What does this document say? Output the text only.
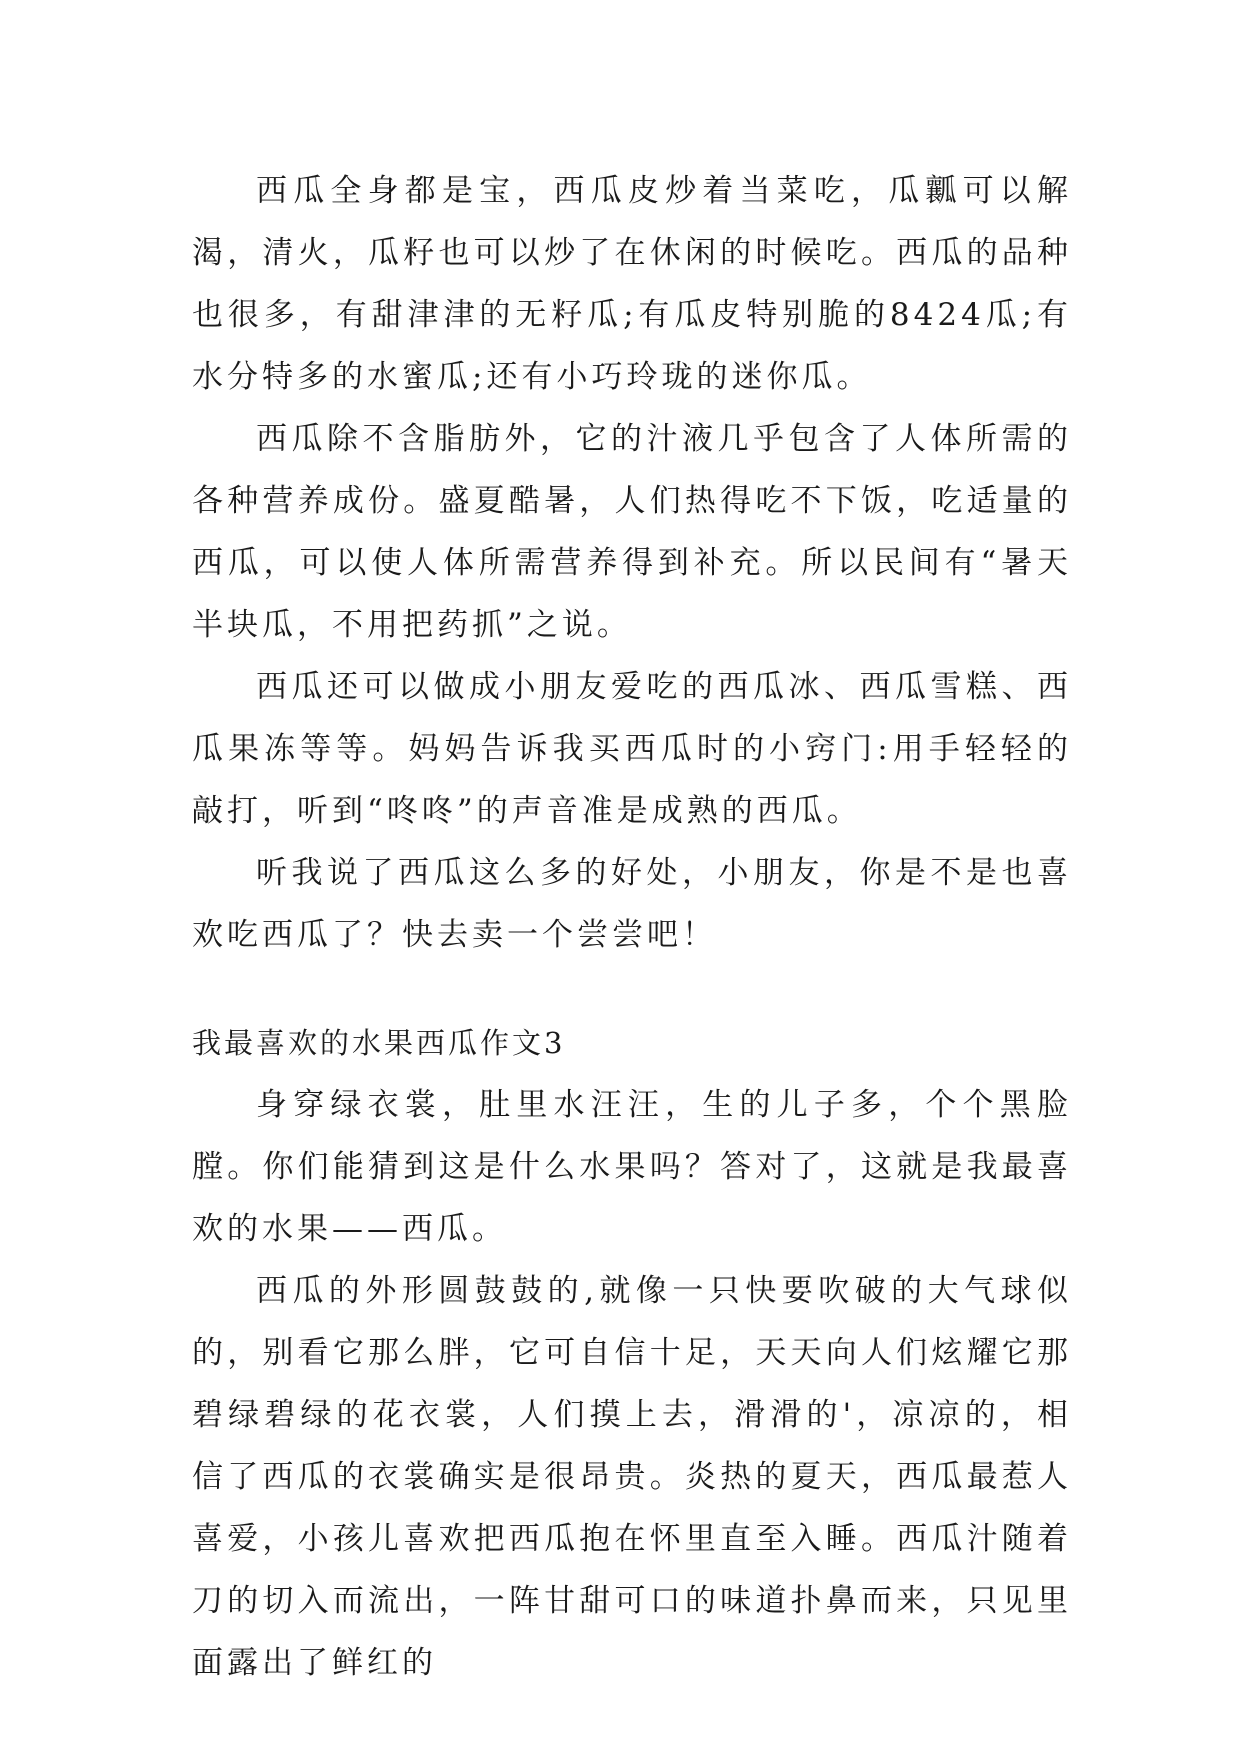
西瓜全身都是宝，西瓜皮炒着当菜吃，瓜瓤可以解渴，清火，瓜籽也可以炒了在休闲的时候吃。西瓜的品种也很多，有甜津津的无籽瓜;有瓜皮特别脆的8424瓜;有水分特多的水蜜瓜;还有小巧玲珑的迷你瓜。

西瓜除不含脂肪外，它的汁液几乎包含了人体所需的各种营养成份。盛夏酷暑，人们热得吃不下饭，吃适量的西瓜，可以使人体所需营养得到补充。所以民间有“暑天半块瓜，不用把药抓”之说。

西瓜还可以做成小朋友爱吃的西瓜冰、西瓜雪糕、西瓜果冻等等。妈妈告诉我买西瓜时的小窍门:用手轻轻的敲打，听到“咚咚”的声音准是成熟的西瓜。

听我说了西瓜这么多的好处，小朋友，你是不是也喜欢吃西瓜了？快去卖一个尝尝吧！

我最喜欢的水果西瓜作文3

身穿绿衣裳，肚里水汪汪，生的儿子多，个个黑脸膛。你们能猜到这是什么水果吗？答对了，这就是我最喜欢的水果——西瓜。

西瓜的外形圆鼓鼓的,就像一只快要吹破的大气球似的，别看它那么胖，它可自信十足，天天向人们炫耀它那碧绿碧绿的花衣裳，人们摸上去，滑滑的'，凉凉的，相信了西瓜的衣裳确实是很昂贵。炎热的夏天，西瓜最惹人喜爱，小孩儿喜欢把西瓜抱在怀里直至入睡。西瓜汁随着刀的切入而流出，一阵甘甜可口的味道扑鼻而来，只见里面露出了鲜红的
